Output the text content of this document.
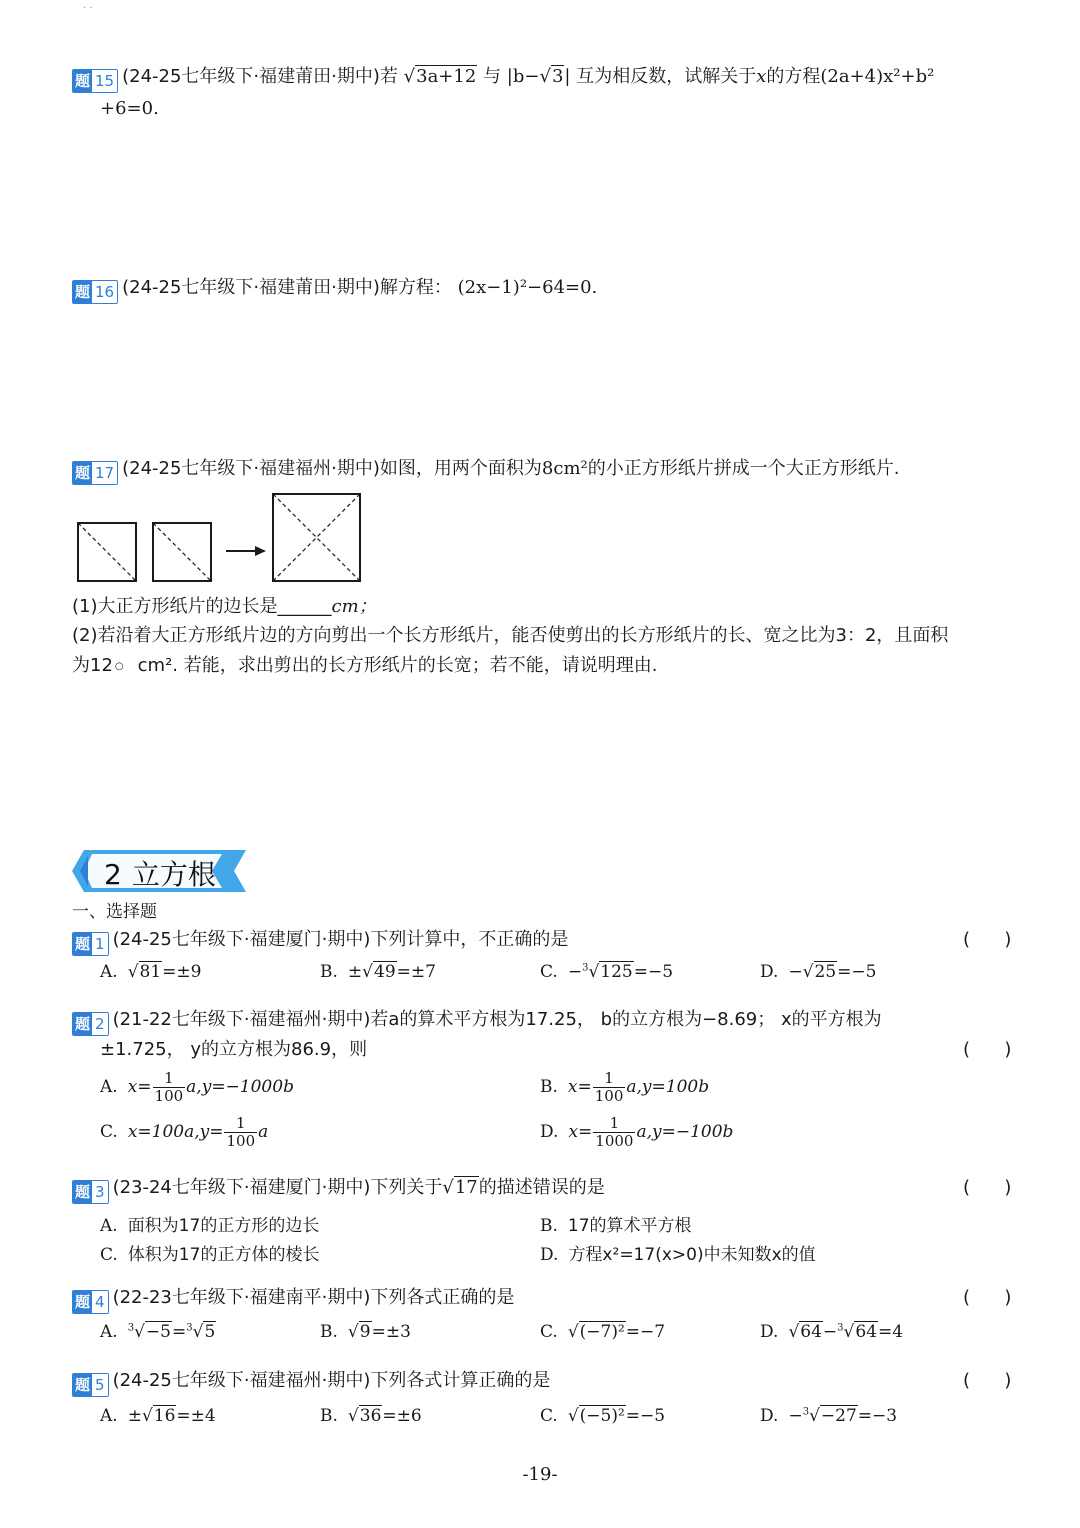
. .
题 15 (24-25七年级下·福建莆田·期中)若 √3a+12 与 |b−√3| 互为相反数，试解关于x的方程(2a+4)x²+b²
+6=0.
题 16 (24-25七年级下·福建莆田·期中)解方程： (2x−1)²−64=0.
题 17 (24-25七年级下·福建福州·期中)如图，用两个面积为8cm²的小正方形纸片拼成一个大正方形纸片.
(1)大正方形纸片的边长是______cm；
(2)若沿着大正方形纸片边的方向剪出一个长方形纸片，能否使剪出的长方形纸片的长、宽之比为3：2，且面积
为12 ○ cm². 若能，求出剪出的长方形纸片的长宽；若不能，请说明理由.
2 立方根
一、选择题
题 1 (24-25七年级下·福建厦门·期中)下列计算中，不正确的是	(      )
A. √81=±9	B. ±√49=±7	C. −$^3$√125=−5	D. −√25=−5
题 2 (21-22七年级下·福建福州·期中)若a的算术平方根为17.25， b的立方根为−8.69； x的平方根为
±1.725， y的立方根为86.9，则	(      )
A. $x= \frac{1}{100} a,y=-1000b$	B. $x= \frac{1}{100} a,y=100b$
C. $x=100a,y= \frac{1}{100}$ a	D. $x= \frac{1}{1000} a,y=-100b$
题 3 (23-24七年级下·福建厦门·期中)下列关于√17的描述错误的是	(      )
A. 面积为17的正方形的边长	B. 17的算术平方根
C. 体积为17的正方体的棱长	D. 方程x²=17(x>0)中未知数x的值
题 4 (22-23七年级下·福建南平·期中)下列各式正确的是	(      )
A. $^3$√−5=$^3$√5	B. √9=±3	C. √(−7)²=−7	D. √64−$^3$√64=4
题 5 (24-25七年级下·福建福州·期中)下列各式计算正确的是	(      )
A. ±√16=±4	B. √36=±6	C. √(−5)²=−5	D. −$^3$√−27=−3
-19-
